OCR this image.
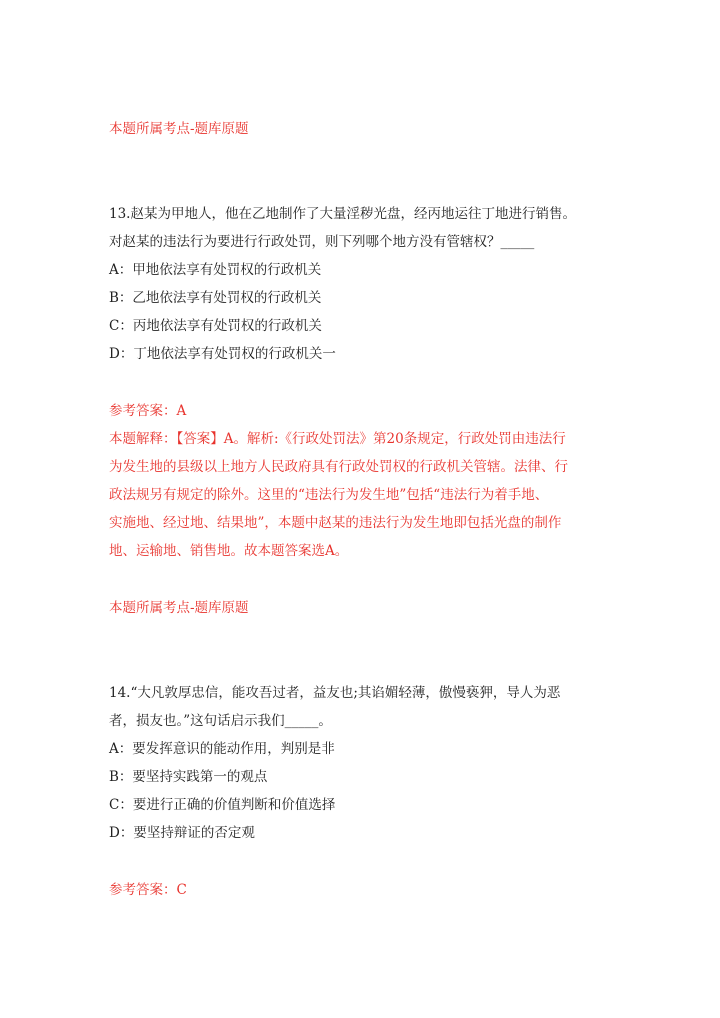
本题所属考点-题库原题
13.赵某为甲地人，他在乙地制作了大量淫秽光盘，经丙地运往丁地进行销售。
对赵某的违法行为要进行行政处罚，则下列哪个地方没有管辖权？_____
A：甲地依法享有处罚权的行政机关
B：乙地依法享有处罚权的行政机关
C：丙地依法享有处罚权的行政机关
D：丁地依法享有处罚权的行政机关一
参考答案：A
本题解释：【答案】A。解析:《行政处罚法》第20条规定，行政处罚由违法行
为发生地的县级以上地方人民政府具有行政处罚权的行政机关管辖。法律、行
政法规另有规定的除外。这里的“违法行为发生地”包括“违法行为着手地、
实施地、经过地、结果地”，本题中赵某的违法行为发生地即包括光盘的制作
地、运输地、销售地。故本题答案选A。
本题所属考点-题库原题
14.“大凡敦厚忠信，能攻吾过者，益友也;其谄媚轻薄，傲慢亵狎，导人为恶
者，损友也。”这句话启示我们_____。
A：要发挥意识的能动作用，判别是非
B：要坚持实践第一的观点
C：要进行正确的价值判断和价值选择
D：要坚持辩证的否定观
参考答案：C
